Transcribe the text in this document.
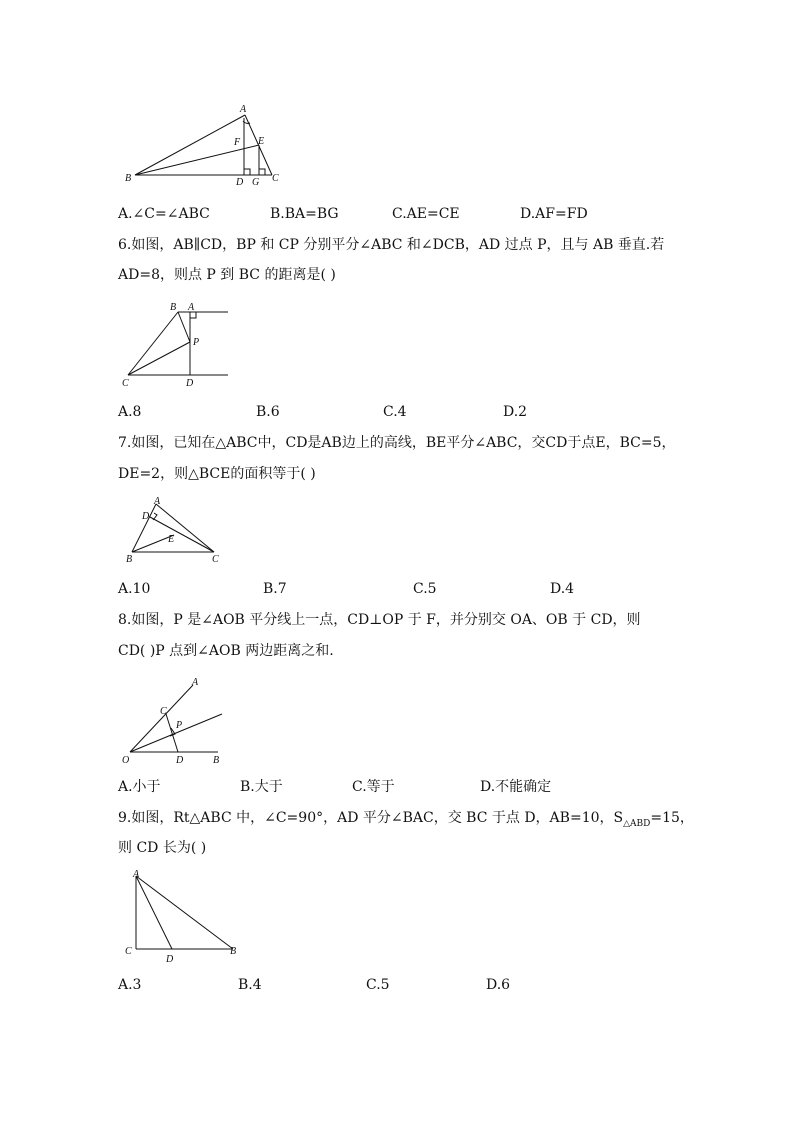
A
B	C
D
E
F
G
A.∠C=∠ABC	B.BA=BG	C.AE=CE	D.AF=FD
6.如图，AB∥CD，BP 和 CP 分别平分∠ABC 和∠DCB，AD 过点 P，且与 AB 垂直.若
AD=8，则点 P 到 BC 的距离是( )
B A
P
C	D
A.8	B.6	C.4	D.2
7.如图，已知在△ABC中，CD是AB边上的高线，BE平分∠ABC，交CD于点E，BC=5，
DE=2，则△BCE的面积等于( )
A
D
E
B	C
A.10	B.7	C.5	D.4
8.如图，P 是∠AOB 平分线上一点，CD⊥OP 于 F，并分别交 OA、OB 于 CD，则
CD( )P 点到∠AOB 两边距离之和.
A
C
P
O	D	B
A.小于	B.大于	C.等于	D.不能确定
9.如图，Rt△ABC 中，∠C=90°，AD 平分∠BAC，交 BC 于点 D，AB=10，$S_{\triangle ABD}=15$，
则 CD 长为( )
A
C
D
B
A.3	B.4	C.5	D.6
